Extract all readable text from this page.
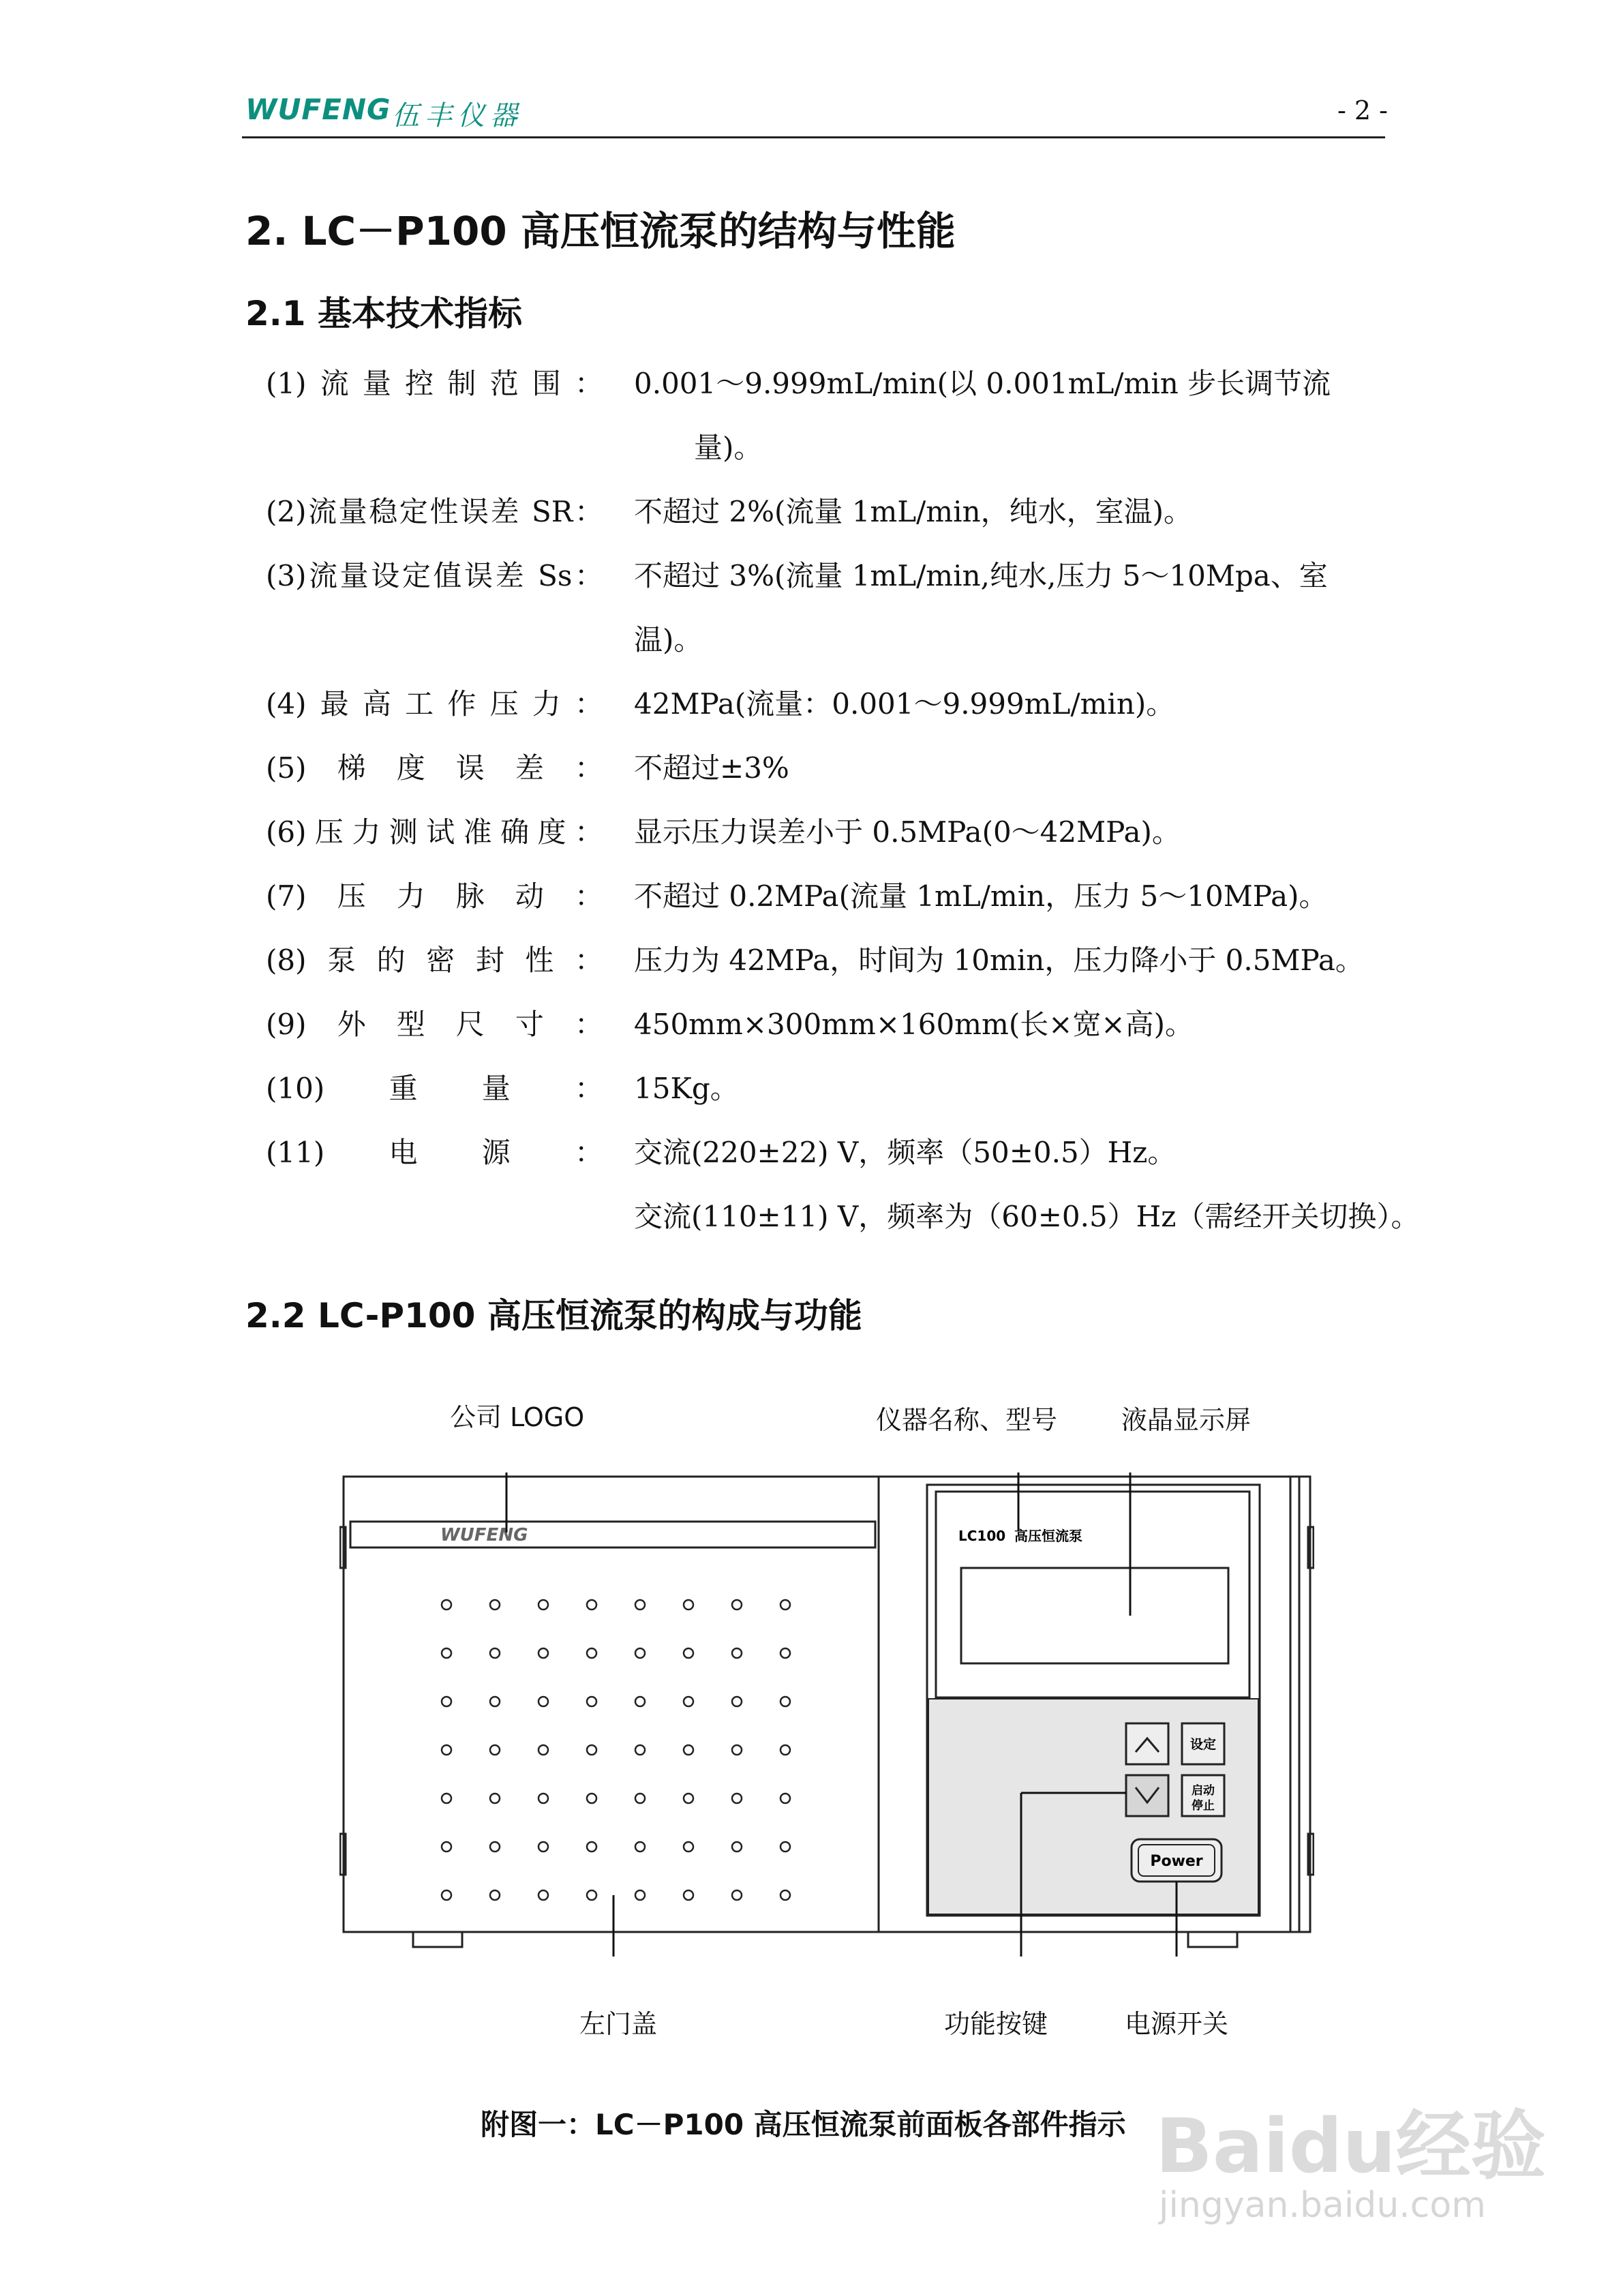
WUFENG 伍丰仪器	- 2 -
2. LC－P100 高压恒流泵的结构与性能
2.1 基本技术指标
(1)流量控制范围： 0.001～9.999mL/min(以 0.001mL/min 步长调节流
量)。
(2)流量稳定性误差 SR： 不超过 2%(流量 1mL/min，纯水，室温)。
(3)流量设定值误差 Ss： 不超过 3%(流量 1mL/min,纯水,压力 5～10Mpa、室
温)。
(4)最高工作压力： 42MPa(流量：0.001～9.999mL/min)。
(5)梯度误差： 不超过±3%
(6)压力测试准确度： 显示压力误差小于 0.5MPa(0～42MPa)。
(7)压力脉动： 不超过 0.2MPa(流量 1mL/min，压力 5～10MPa)。
(8)泵的密封性： 压力为 42MPa，时间为 10min，压力降小于 0.5MPa。
(9)外型尺寸： 450mm×300mm×160mm(长×宽×高)。
(10)重量： 15Kg。
(11)电源： 交流(220±22) V，频率（50±0.5）Hz。
交流(110±11) V，频率为（60±0.5）Hz（需经开关切换）。
2.2 LC-P100 高压恒流泵的构成与功能
公司 LOGO	仪器名称、型号 液晶显示屏
左门盖	功能按键	电源开关
设定
启动
停止
Power
LC100 高压恒流泵
WUFENG
附图一：LC－P100 高压恒流泵前面板各部件指示 Baidu经验
jingyan.baidu.com
